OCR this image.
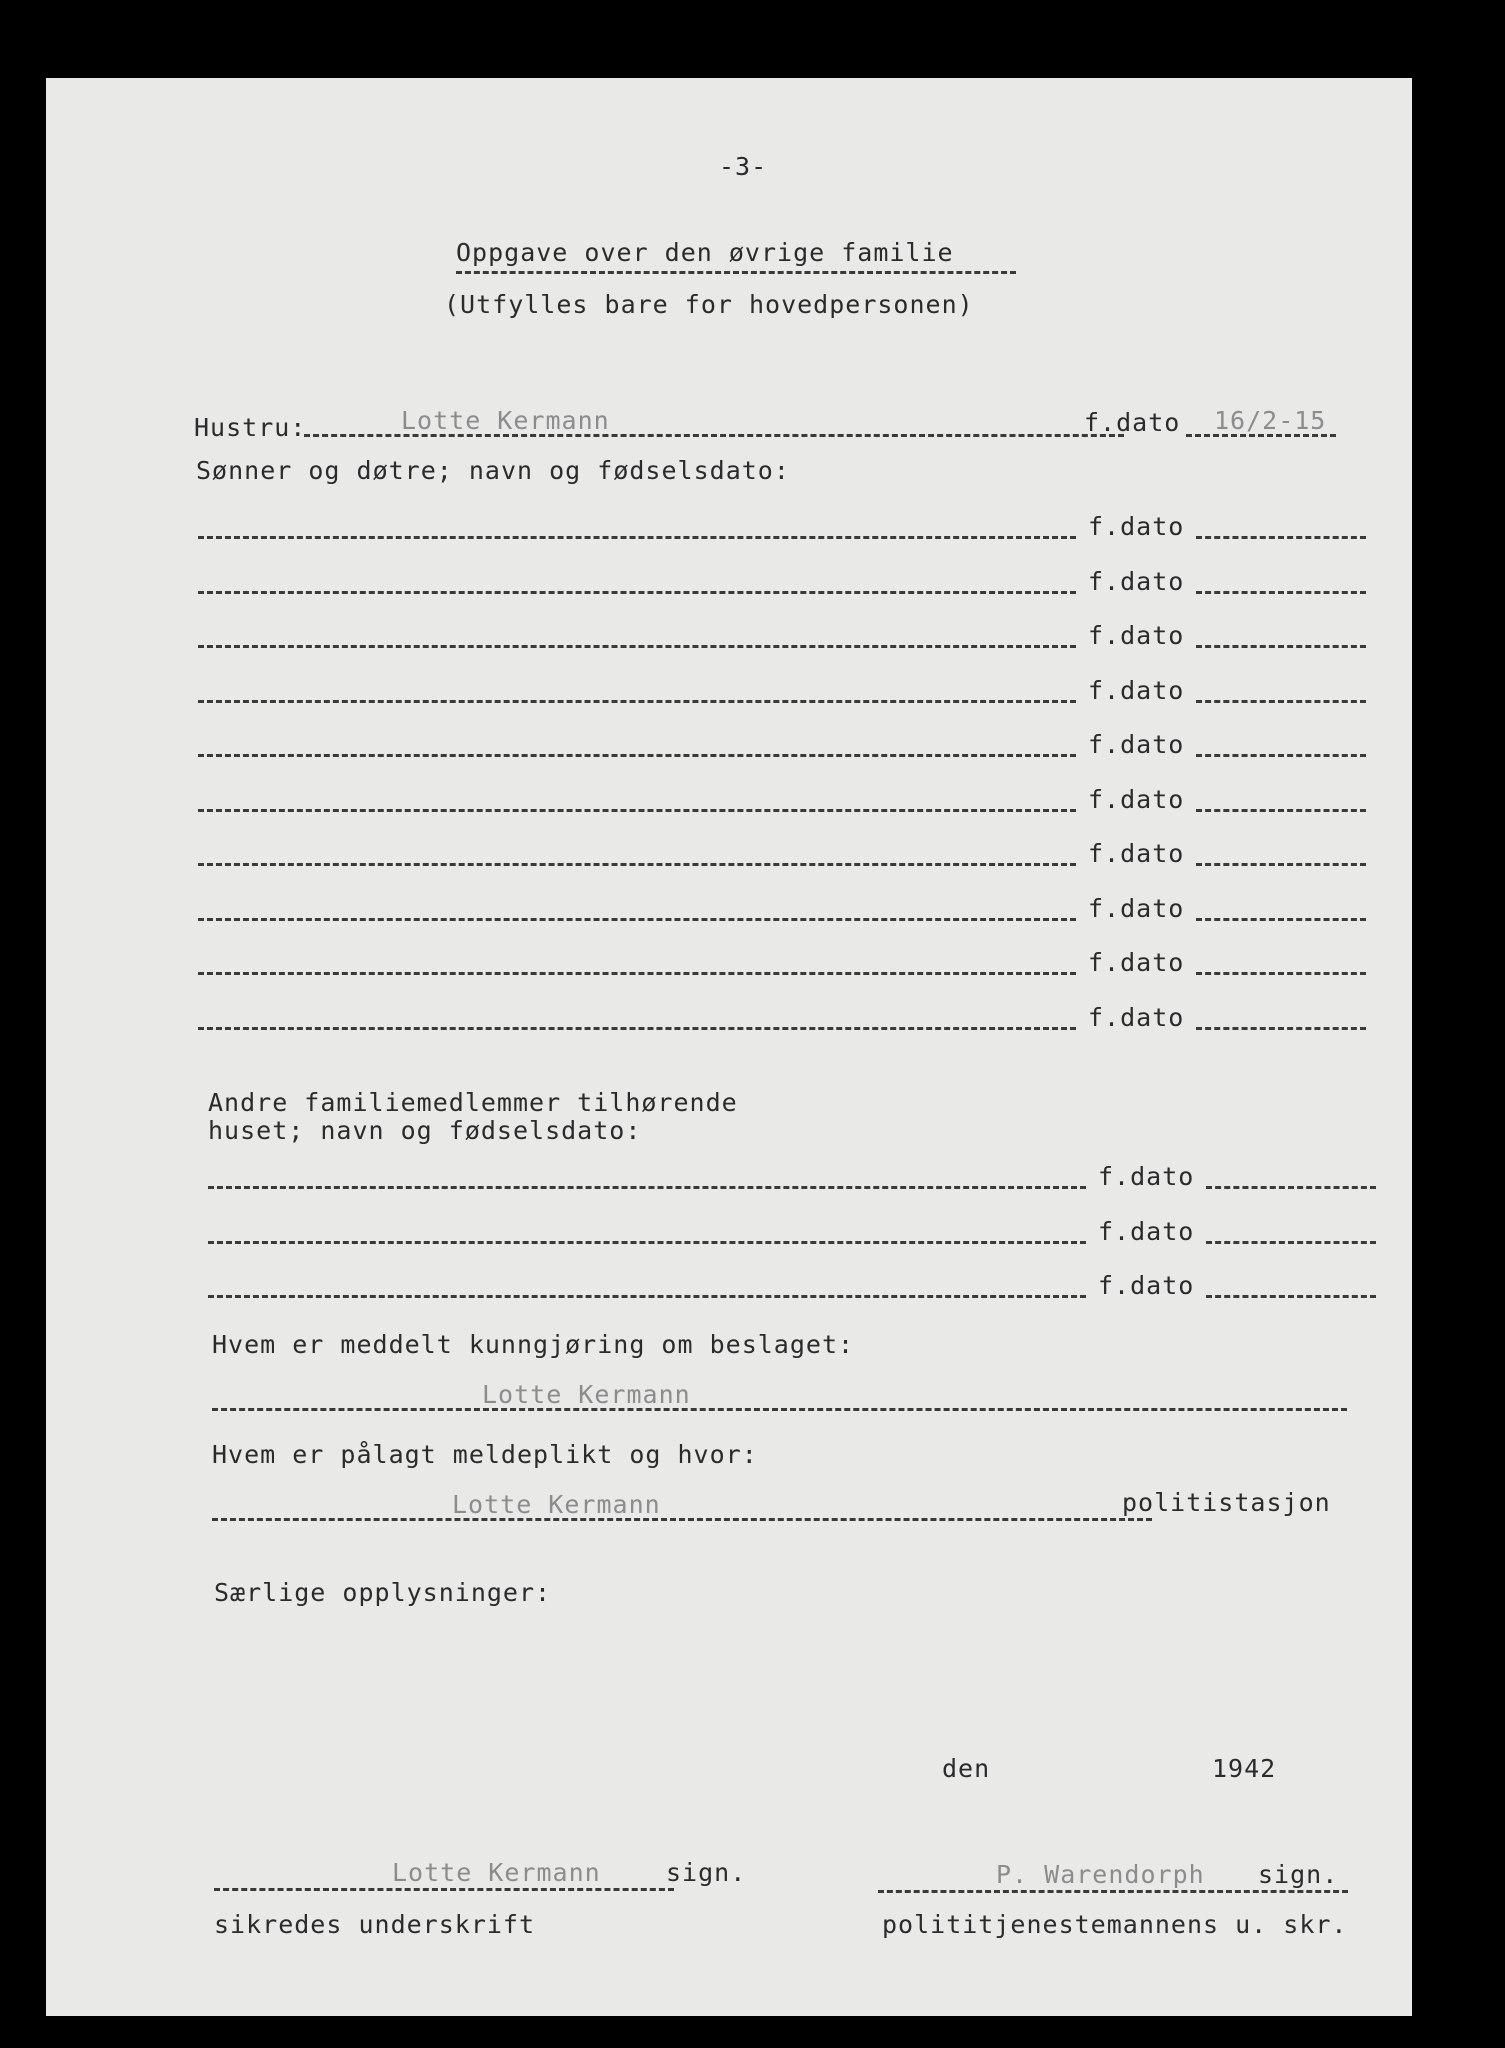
-3-
Oppgave over den øvrige familie
(Utfylles bare for hovedpersonen)
Hustru:	Lotte Kermann	f.dato 16/2-15
Sønner og døtre; navn og fødselsdato:
f.dato
f.dato
f.dato
f.dato
f.dato
f.dato
f.dato
f.dato
f.dato
f.dato
Andre familiemedlemmer tilhørende
huset; navn og fødselsdato:
f.dato
f.dato
f.dato
Hvem er meddelt kunngjøring om beslaget:
Lotte Kermann
Hvem er pålagt meldeplikt og hvor:
Lotte Kermann	politistasjon
Særlige opplysninger:
den	1942
Lotte Kermann	sign.
sikredes underskrift
P. Warendorph sign.
polititjenestemannens u. skr.
